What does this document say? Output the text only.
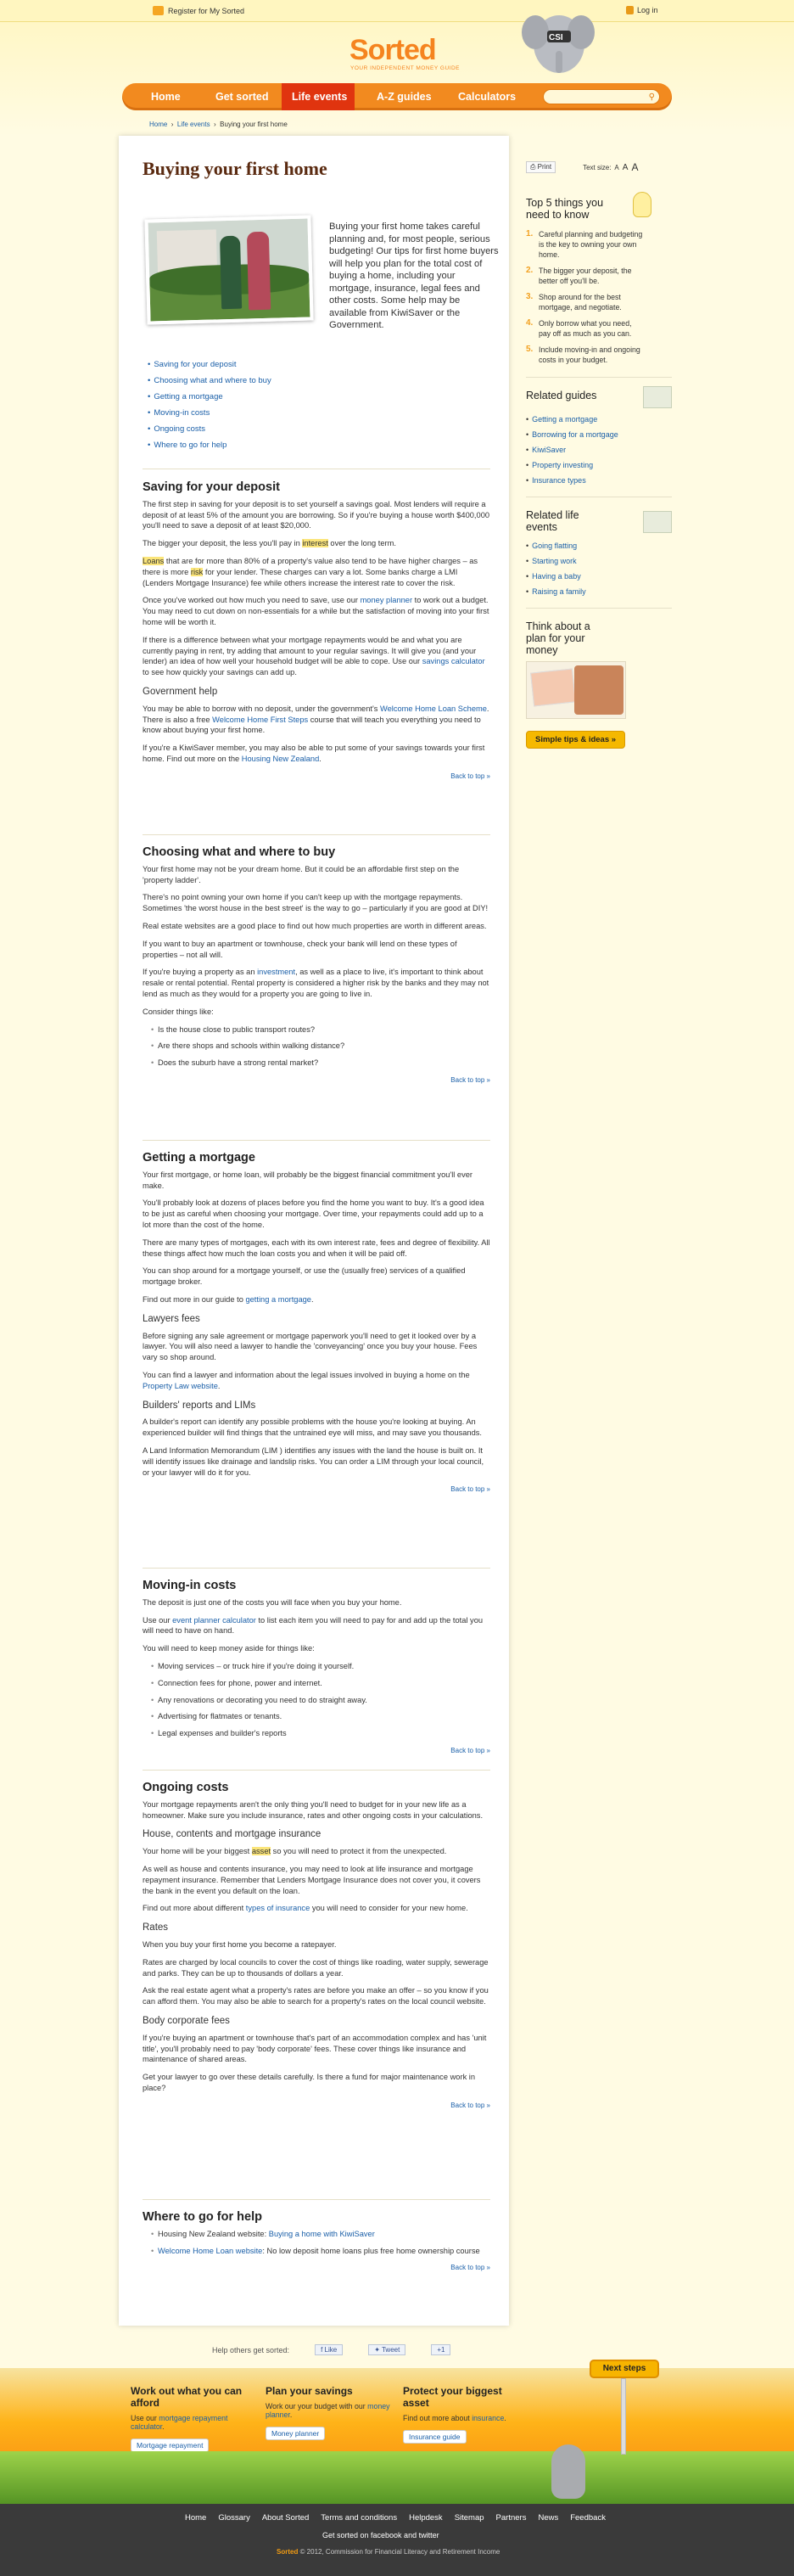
Register for My Sorted	Log in
Sorted
YOUR INDEPENDENT MONEY GUIDE
CSI
Home	Get sorted Life events	A-Z guides	Calculators	⚲
Home  ›  Life events  ›  Buying your first home
Buying your first home
Buying your first home takes careful planning and, for most people, serious budgeting! Our tips for first home buyers will help you plan for the total cost of buying a home, including your mortgage, insurance, legal fees and other costs. Some help may be available from KiwiSaver or the Government.
• Saving for your deposit
• Choosing what and where to buy
• Getting a mortgage
• Moving-in costs
• Ongoing costs
• Where to go for help
Saving for your deposit

The first step in saving for your deposit is to set yourself a savings goal. Most lenders will require a deposit of at least 5% of the amount you are borrowing. So if you're buying a house worth $400,000 you'll need to save a deposit of at least $20,000.

The bigger your deposit, the less you'll pay in interest over the long term.

Loans that are for more than 80% of a property's value also tend to be have higher charges – as there is more risk for your lender. These charges can vary a lot. Some banks charge a LMI (Lenders Mortgage Insurance) fee while others increase the interest rate to cover the risk.

Once you've worked out how much you need to save, use our money planner to work out a budget. You may need to cut down on non-essentials for a while but the satisfaction of moving into your first home will be worth it.

If there is a difference between what your mortgage repayments would be and what you are currently paying in rent, try adding that amount to your regular savings. It will give you (and your lender) an idea of how well your household budget will be able to cope. Use our savings calculator to see how quickly your savings can add up.

Government help

You may be able to borrow with no deposit, under the government's Welcome Home Loan Scheme. There is also a free Welcome Home First Steps course that will teach you everything you need to know about buying your first home.

If you're a KiwiSaver member, you may also be able to put some of your savings towards your first home. Find out more on the Housing New Zealand.

Back to top »
Choosing what and where to buy

Your first home may not be your dream home. But it could be an affordable first step on the 'property ladder'.

There's no point owning your own home if you can't keep up with the mortgage repayments. Sometimes 'the worst house in the best street' is the way to go – particularly if you are good at DIY!

Real estate websites are a good place to find out how much properties are worth in different areas.

If you want to buy an apartment or townhouse, check your bank will lend on these types of properties – not all will.

If you're buying a property as an investment, as well as a place to live, it's important to think about resale or rental potential. Rental property is considered a higher risk by the banks and they may not lend as much as they would for a property you are going to live in.

Consider things like:

• Is the house close to public transport routes?
• Are there shops and schools within walking distance?
• Does the suburb have a strong rental market?
Back to top »
Getting a mortgage

Your first mortgage, or home loan, will probably be the biggest financial commitment you'll ever make.

You'll probably look at dozens of places before you find the home you want to buy. It's a good idea to be just as careful when choosing your mortgage. Over time, your repayments could add up to a lot more than the cost of the home.

There are many types of mortgages, each with its own interest rate, fees and degree of flexibility. All these things affect how much the loan costs you and when it will be paid off.

You can shop around for a mortgage yourself, or use the (usually free) services of a qualified mortgage broker.

Find out more in our guide to getting a mortgage.

Lawyers fees

Before signing any sale agreement or mortgage paperwork you'll need to get it looked over by a lawyer. You will also need a lawyer to handle the 'conveyancing' once you buy your house. Fees vary so shop around.

You can find a lawyer and information about the legal issues involved in buying a home on the Property Law website.

Builders' reports and LIMs

A builder's report can identify any possible problems with the house you're looking at buying. An experienced builder will find things that the untrained eye will miss, and may save you thousands.

A Land Information Memorandum (LIM ) identifies any issues with the land the house is built on. It will identify issues like drainage and landslip risks. You can order a LIM through your local council, or your lawyer will do it for you.

Back to top »
Moving-in costs

The deposit is just one of the costs you will face when you buy your home.

Use our event planner calculator to list each item you will need to pay for and add up the total you will need to have on hand.

You will need to keep money aside for things like:

• Moving services – or truck hire if you're doing it yourself.
• Connection fees for phone, power and internet.
• Any renovations or decorating you need to do straight away.
• Advertising for flatmates or tenants.
• Legal expenses and builder's reports
Back to top »
Ongoing costs

Your mortgage repayments aren't the only thing you'll need to budget for in your new life as a homeowner. Make sure you include insurance, rates and other ongoing costs in your calculations.

House, contents and mortgage insurance

Your home will be your biggest asset so you will need to protect it from the unexpected.

As well as house and contents insurance, you may need to look at life insurance and mortgage repayment insurance. Remember that Lenders Mortgage Insurance does not cover you, it covers the bank in the event you default on the loan.

Find out more about different types of insurance you will need to consider for your new home.

Rates

When you buy your first home you become a ratepayer.

Rates are charged by local councils to cover the cost of things like roading, water supply, sewerage and parks. They can be up to thousands of dollars a year.

Ask the real estate agent what a property's rates are before you make an offer – so you know if you can afford them. You may also be able to search for a property's rates on the local council website.

Body corporate fees

If you're buying an apartment or townhouse that's part of an accommodation complex and has 'unit title', you'll probably need to pay 'body corporate' fees. These cover things like insurance and maintenance of shared areas.

Get your lawyer to go over these details carefully. Is there a fund for major maintenance work in place?

Back to top »
Where to go for help
• Housing New Zealand website: Buying a home with KiwiSaver
• Welcome Home Loan website: No low deposit home loans plus free home ownership course
Back to top »
⎙ Print	Text size: A A A
Top 5 things you need to know
1. Careful planning and budgeting is the key to owning your own home.
2. The bigger your deposit, the better off you'll be.
3. Shop around for the best mortgage, and negotiate.
4. Only borrow what you need, pay off as much as you can.
5. Include moving-in and ongoing costs in your budget.
Related guides
• Getting a mortgage
• Borrowing for a mortgage
• KiwiSaver
• Property investing
• Insurance types
Related life events
• Going flatting
• Starting work
• Having a baby
• Raising a family
Think about a plan for your money
Simple tips & ideas »
Help others get sorted:	f Like	✦ Tweet	+1
Work out what you can afford
Use our mortgage repayment calculator.
Mortgage repayment
Plan your savings
Work our your budget with our money planner.
Money planner
Protect your biggest asset
Find out more about insurance.
Insurance guide
Next steps
Home Glossary About Sorted Terms and conditions Helpdesk Sitemap Partners News Feedback
Get sorted on facebook and twitter
Sorted © 2012, Commission for Financial Literacy and Retirement Income
